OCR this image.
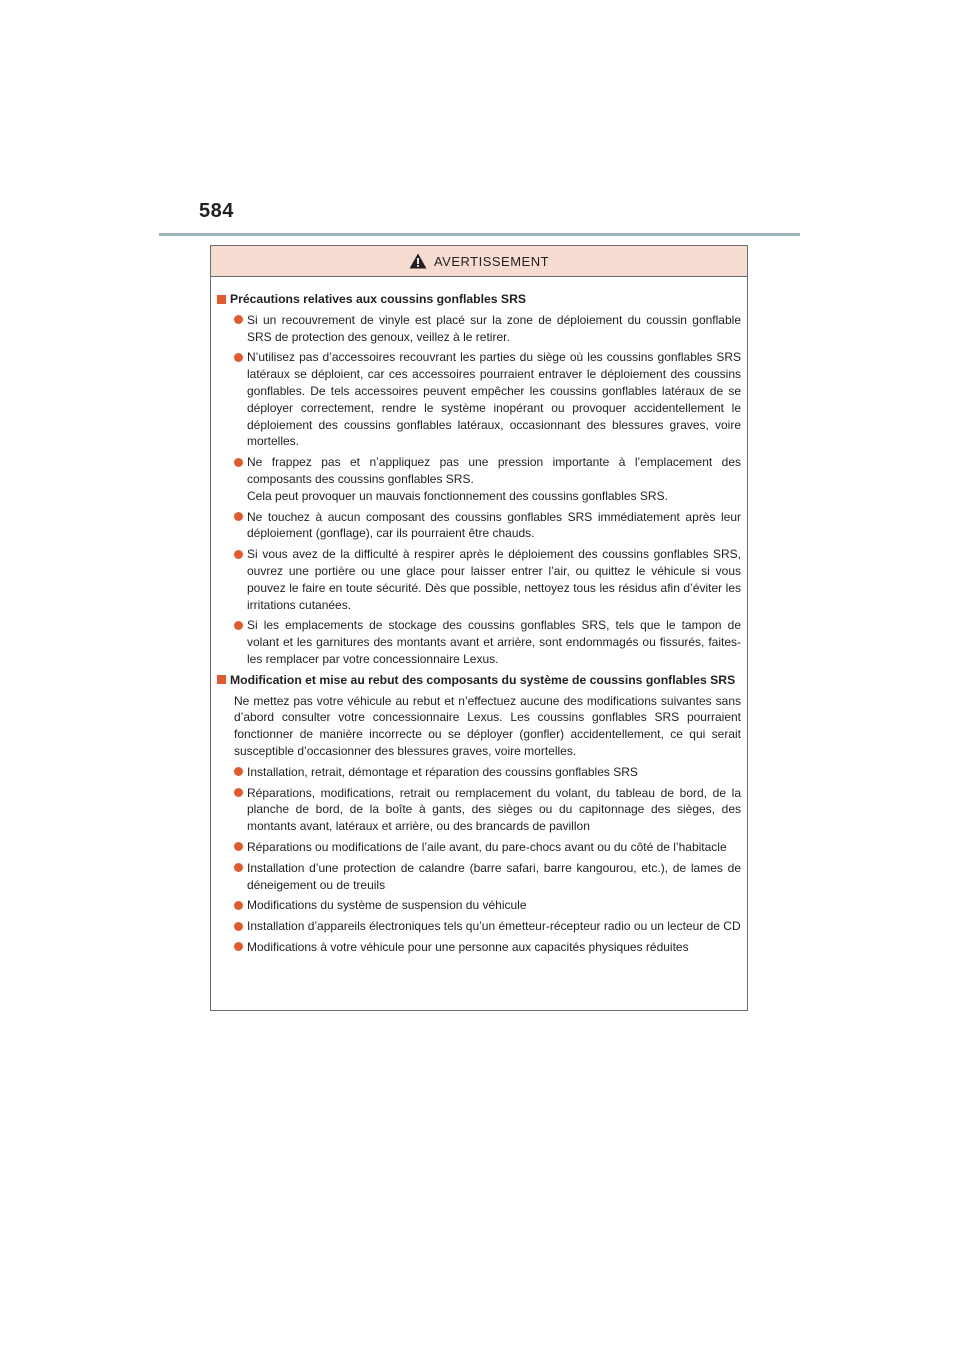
584
AVERTISSEMENT
Précautions relatives aux coussins gonflables SRS
Si un recouvrement de vinyle est placé sur la zone de déploiement du coussin gonflable SRS de protection des genoux, veillez à le retirer.
N’utilisez pas d’accessoires recouvrant les parties du siège où les coussins gonflables SRS latéraux se déploient, car ces accessoires pourraient entraver le déploiement des coussins gonflables. De tels accessoires peuvent empêcher les coussins gonflables latéraux de se déployer correctement, rendre le système inopérant ou provoquer accidentellement le déploiement des coussins gonflables latéraux, occasionnant des blessures graves, voire mortelles.
Ne frappez pas et n’appliquez pas une pression importante à l’emplacement des composants des coussins gonflables SRS.
Cela peut provoquer un mauvais fonctionnement des coussins gonflables SRS.
Ne touchez à aucun composant des coussins gonflables SRS immédiatement après leur déploiement (gonflage), car ils pourraient être chauds.
Si vous avez de la difficulté à respirer après le déploiement des coussins gonflables SRS, ouvrez une portière ou une glace pour laisser entrer l’air, ou quittez le véhicule si vous pouvez le faire en toute sécurité. Dès que possible, nettoyez tous les résidus afin d’éviter les irritations cutanées.
Si les emplacements de stockage des coussins gonflables SRS, tels que le tampon de volant et les garnitures des montants avant et arrière, sont endommagés ou fissurés, faites-les remplacer par votre concessionnaire Lexus.
Modification et mise au rebut des composants du système de coussins gonflables SRS

Ne mettez pas votre véhicule au rebut et n’effectuez aucune des modifications suivantes sans d’abord consulter votre concessionnaire Lexus. Les coussins gonflables SRS pourraient fonctionner de manière incorrecte ou se déployer (gonfler) accidentellement, ce qui serait susceptible d’occasionner des blessures graves, voire mortelles.

Installation, retrait, démontage et réparation des coussins gonflables SRS
Réparations, modifications, retrait ou remplacement du volant, du tableau de bord, de la planche de bord, de la boîte à gants, des sièges ou du capitonnage des sièges, des montants avant, latéraux et arrière, ou des brancards de pavillon
Réparations ou modifications de l’aile avant, du pare-chocs avant ou du côté de l’habitacle
Installation d’une protection de calandre (barre safari, barre kangourou, etc.), de lames de déneigement ou de treuils
Modifications du système de suspension du véhicule
Installation d’appareils électroniques tels qu’un émetteur-récepteur radio ou un lecteur de CD
Modifications à votre véhicule pour une personne aux capacités physiques réduites
